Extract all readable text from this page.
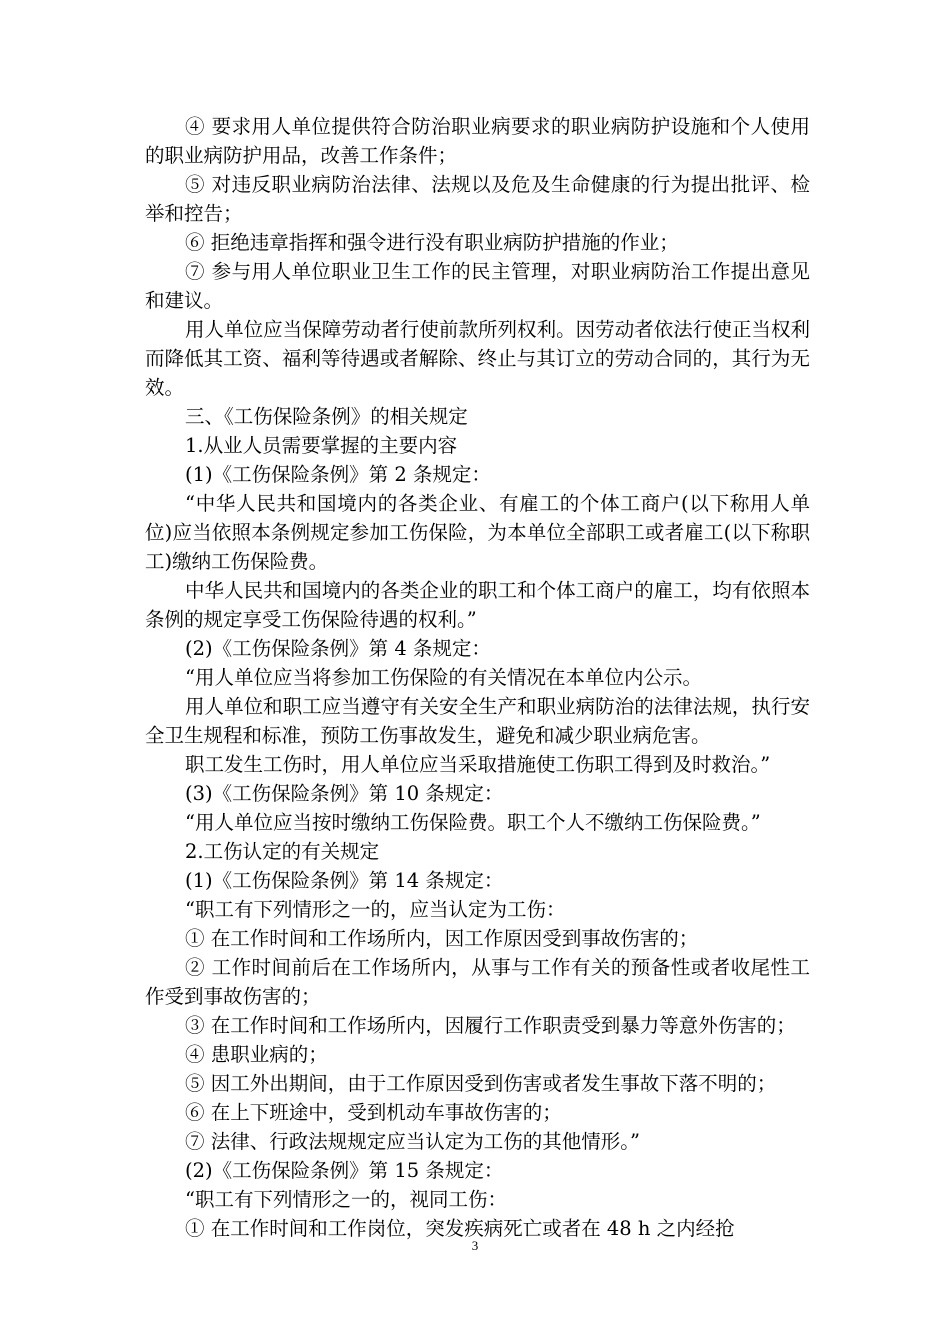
④ 要求用人单位提供符合防治职业病要求的职业病防护设施和个人使用的职业病防护用品，改善工作条件；

⑤ 对违反职业病防治法律、法规以及危及生命健康的行为提出批评、检举和控告；

⑥ 拒绝违章指挥和强令进行没有职业病防护措施的作业；

⑦ 参与用人单位职业卫生工作的民主管理，对职业病防治工作提出意见和建议。

用人单位应当保障劳动者行使前款所列权利。因劳动者依法行使正当权利而降低其工资、福利等待遇或者解除、终止与其订立的劳动合同的，其行为无效。

三、《工伤保险条例》的相关规定

1.从业人员需要掌握的主要内容

(1)《工伤保险条例》第 2 条规定：

“中华人民共和国境内的各类企业、有雇工的个体工商户(以下称用人单位)应当依照本条例规定参加工伤保险，为本单位全部职工或者雇工(以下称职工)缴纳工伤保险费。

中华人民共和国境内的各类企业的职工和个体工商户的雇工，均有依照本条例的规定享受工伤保险待遇的权利。”

(2)《工伤保险条例》第 4 条规定：

“用人单位应当将参加工伤保险的有关情况在本单位内公示。

用人单位和职工应当遵守有关安全生产和职业病防治的法律法规，执行安全卫生规程和标准，预防工伤事故发生，避免和减少职业病危害。

职工发生工伤时，用人单位应当采取措施使工伤职工得到及时救治。”

(3)《工伤保险条例》第 10 条规定：

“用人单位应当按时缴纳工伤保险费。职工个人不缴纳工伤保险费。”

2.工伤认定的有关规定

(1)《工伤保险条例》第 14 条规定：

“职工有下列情形之一的，应当认定为工伤：

① 在工作时间和工作场所内，因工作原因受到事故伤害的；

② 工作时间前后在工作场所内，从事与工作有关的预备性或者收尾性工作受到事故伤害的；

③ 在工作时间和工作场所内，因履行工作职责受到暴力等意外伤害的；

④ 患职业病的；

⑤ 因工外出期间，由于工作原因受到伤害或者发生事故下落不明的；

⑥ 在上下班途中，受到机动车事故伤害的；

⑦ 法律、行政法规规定应当认定为工伤的其他情形。”

(2)《工伤保险条例》第 15 条规定：

“职工有下列情形之一的，视同工伤：

① 在工作时间和工作岗位，突发疾病死亡或者在 48 h 之内经抢

3
